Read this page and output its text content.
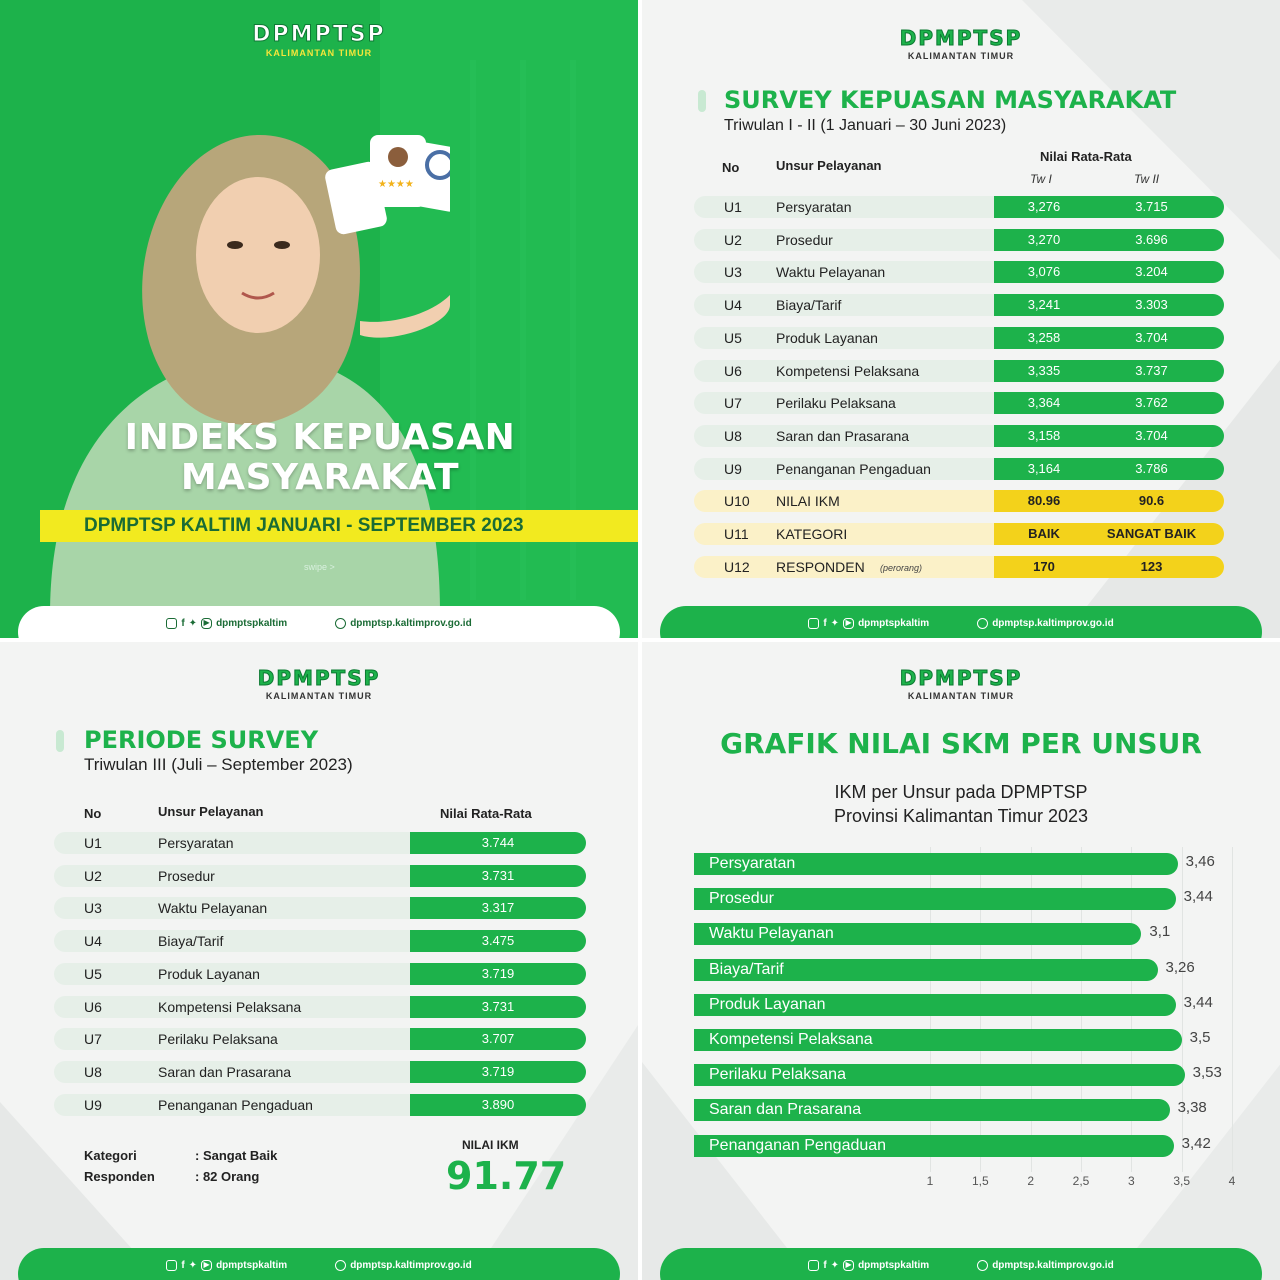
DPMPTSP
KALIMANTAN TIMUR
★★★★
INDEKS KEPUASAN
MASYARAKAT
DPMPTSP KALTIM JANUARI - SEPTEMBER 2023
swipe >
f ✦ ▶ dpmptspkaltim	dpmptsp.kaltimprov.go.id
DPMPTSP
KALIMANTAN TIMUR
SURVEY KEPUASAN MASYARAKAT
Triwulan I - II (1 Januari – 30 Juni 2023)
No	Unsur Pelayanan
Nilai Rata-Rata
Tw I	Tw II
U1 Persyaratan	3,276	3.715
U2 Prosedur	3,270	3.696
U3 Waktu Pelayanan	3,076	3.204
U4 Biaya/Tarif	3,241	3.303
U5 Produk Layanan	3,258	3.704
U6 Kompetensi Pelaksana	3,335	3.737
U7 Perilaku Pelaksana	3,364	3.762
U8 Saran dan Prasarana	3,158	3.704
U9 Penanganan Pengaduan	3,164	3.786
U10 NILAI IKM	80.96	90.6
U11 KATEGORI	BAIK	SANGAT BAIK
U12 RESPONDEN (perorang)	170	123
f ✦ ▶ dpmptspkaltim	dpmptsp.kaltimprov.go.id
DPMPTSP
KALIMANTAN TIMUR
PERIODE SURVEY
Triwulan III (Juli – September 2023)
No	Unsur Pelayanan	Nilai Rata-Rata
U1	Persyaratan	3.744
U2	Prosedur	3.731
U3	Waktu Pelayanan	3.317
U4	Biaya/Tarif	3.475
U5	Produk Layanan	3.719
U6	Kompetensi Pelaksana	3.731
U7	Perilaku Pelaksana	3.707
U8	Saran dan Prasarana	3.719
U9	Penanganan Pengaduan	3.890
Kategori	: Sangat Baik
Responden	: 82 Orang
NILAI IKM
91.77
f ✦ ▶ dpmptspkaltim	dpmptsp.kaltimprov.go.id
DPMPTSP
KALIMANTAN TIMUR
GRAFIK NILAI SKM PER UNSUR
IKM per Unsur pada DPMPTSP
Provinsi Kalimantan Timur 2023
1	1,5	2	2,5	3	3,5	4
Persyaratan	3,46
Prosedur	3,44
Waktu Pelayanan	3,1
Biaya/Tarif	3,26
Produk Layanan	3,44
Kompetensi Pelaksana	3,5
Perilaku Pelaksana	3,53
Saran dan Prasarana	3,38
Penanganan Pengaduan	3,42
f ✦ ▶ dpmptspkaltim	dpmptsp.kaltimprov.go.id
